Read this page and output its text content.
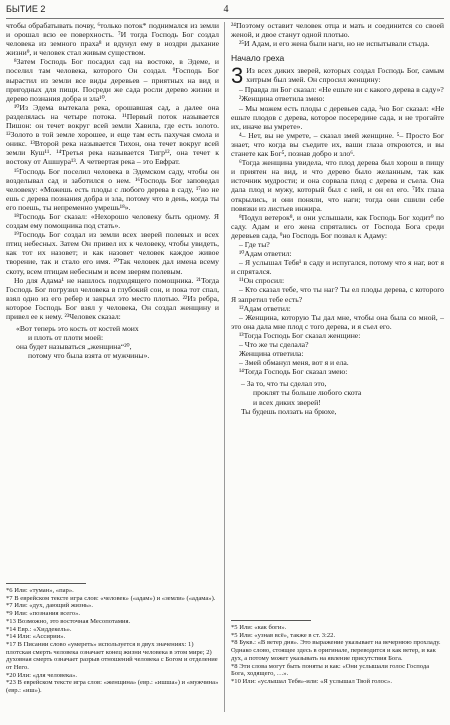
БЫТИЕ 2	4

чтобы обрабатывать почву, ⁶только поток* поднимался из земли и орошал всю ее поверхность. ⁷И тогда Господь Бог создал человека из земного праха⁸ и вдунул ему в ноздри дыхание жизни⁹, и человек стал живым существом.

⁸Затем Господь Бог посадил сад на востоке, в Эдеме, и поселил там человека, которого Он создал. ⁹Господь Бог вырастил из земли все виды деревьев – приятных на вид и пригодных для пищи. Посреди же сада росли дерево жизни и дерево познания добра и зла¹⁰.

¹⁰Из Эдема вытекала река, орошавшая сад, а далее она разделялась на четыре потока. ¹¹Первый поток называется Пишон: он течет вокруг всей земли Хавила, где есть золото. ¹²Золото в той земле хорошее, и еще там есть пахучая смола и оникс. ¹³Второй река называется Тихон, она течет вокруг всей земли Куш¹¹. ¹⁴Третья река называется Тигр¹², она течет к востоку от Ашшура¹³. А четвертая река – это Евфрат.

¹⁵Господь Бог поселил человека в Эдемском саду, чтобы он возделывал сад и заботился о нем. ¹⁶Господь Бог заповедал человеку: «Можешь есть плоды с любого дерева в саду, ¹⁷но не ешь с дерева познания добра и зла, потому что в день, когда ты его поешь, ты непременно умрешь¹⁸».

¹⁸Господь Бог сказал: «Нехорошо человеку быть одному. Я создам ему помощника под стать».

¹⁹Господь Бог создал из земли всех зверей полевых и всех птиц небесных. Затем Он привел их к человеку, чтобы увидеть, как тот их назовет; и как назовет человек каждое живое творение, так и стало его имя. ²⁰Так человек дал имена всему скоту, всем птицам небесным и всем зверям полевым.

Но для Адама¹ не нашлось подходящего помощника. ²¹Тогда Господь Бог погрузил человека в глубокий сон, и пока тот спал, взял одно из его ребер и закрыл это место плотью. ²²Из ребра, которое Господь Бог взял у человека, Он создал женщину и привел ее к нему. ²³Человек сказал:

«Вот теперь это кость от костей моих
и плоть от плоти моей:
она будет называться „женщина“²⁰,
потому что была взята от мужчины».

²⁴Поэтому оставит человек отца и мать и соединится со своей женой, и двое станут одной плотью.

²⁵И Адам, и его жена были наги, но не испытывали стыда.

Начало греха

3 Из всех диких зверей, которых создал Господь Бог, самым хитрым был змей. Он спросил женщину:

– Правда ли Бог сказал: «Не ешьте ни с какого дерева в саду»?

²Женщина ответила змею:

– Мы можем есть плоды с деревьев сада, ³но Бог сказал: «Не ешьте плодов с дерева, которое посередине сада, и не трогайте их, иначе вы умрете».

⁴– Нет, вы не умрете, – сказал змей женщине. ⁵– Просто Бог знает, что когда вы съедите их, ваши глаза откроются, и вы станете как Бог⁵, познав добро и зло⁶.

⁶Тогда женщина увидела, что плод дерева был хорош в пищу и приятен на вид, и что дерево было желанным, так как источник мудрости; и она сорвала плод с дерева и съела. Она дала плод и мужу, который был с ней, и он ел его. ⁷Их глаза открылись, и они поняли, что наги; тогда они сшили себе повязки из листьев инжира.

⁸Подул ветерок⁸, и они услышали, как Господь Бог ходит⁹ по саду. Адам и его жена спрятались от Господа Бога среди деревьев сада, ⁹но Господь Бог позвал к Адаму:

– Где ты?

¹⁰Адам ответил:

– Я услышал Тебя¹ в саду и испугался, потому что я наг, вот я и спрятался.

¹¹Он спросил:

– Кто сказал тебе, что ты наг? Ты ел плоды дерева, с которого Я запретил тебе есть?

¹²Адам ответил:

– Женщина, которую Ты дал мне, чтобы она была со мной, – это она дала мне плод с того дерева, и я съел его.

¹³Тогда Господь Бог сказал женщине:

– Что же ты сделала?

Женщина ответила:

– Змей обманул меня, вот я и ела.

¹⁴Тогда Господь Бог сказал змею:

– За то, что ты сделал это,
проклят ты больше любого скота
и всех диких зверей!
Ты будешь ползать на брюхе,

*6 Или: «туман», «пар».
*7 В еврейском тексте игра слов: «человек» («адам») и «земли» («адама»).
*7 Или: «дух, дающий жизнь».
*9 Или: «познания всего».
*13 Возможно, это восточная Месопотамия.
*14 Евр.: «Хиддекель».
*14 Или: «Ассирии».
*17 В Писании слово «умереть» используется в двух значениях: 1) плотская смерть человека означает конец жизни человека в этом мире; 2) духовная смерть означает разрыв отношений человека с Богом и отделение от Него.
*20 Или: «для человека».
*23 В еврейском тексте игра слов: «женщина» (евр.: «ишша») и «мужчина» (евр.: «иш»).
*5 Или: «как боги».
*5 Или: «узнав всё», также в ст. 3:22.
*8 Букв.: «В ветер дня». Это выражение указывает на вечернюю прохладу. Однако слово, стоящее здесь в оригинале, переводится и как ветер, и как дух, а потому может указывать на явление присутствия Бога.
*8 Эти слова могут быть поняты и как: «Они услышали голос Господа Бога, ходящего, …».
*10 Или: «услышал Тебя»-или: «Я услышал Твой голос».
